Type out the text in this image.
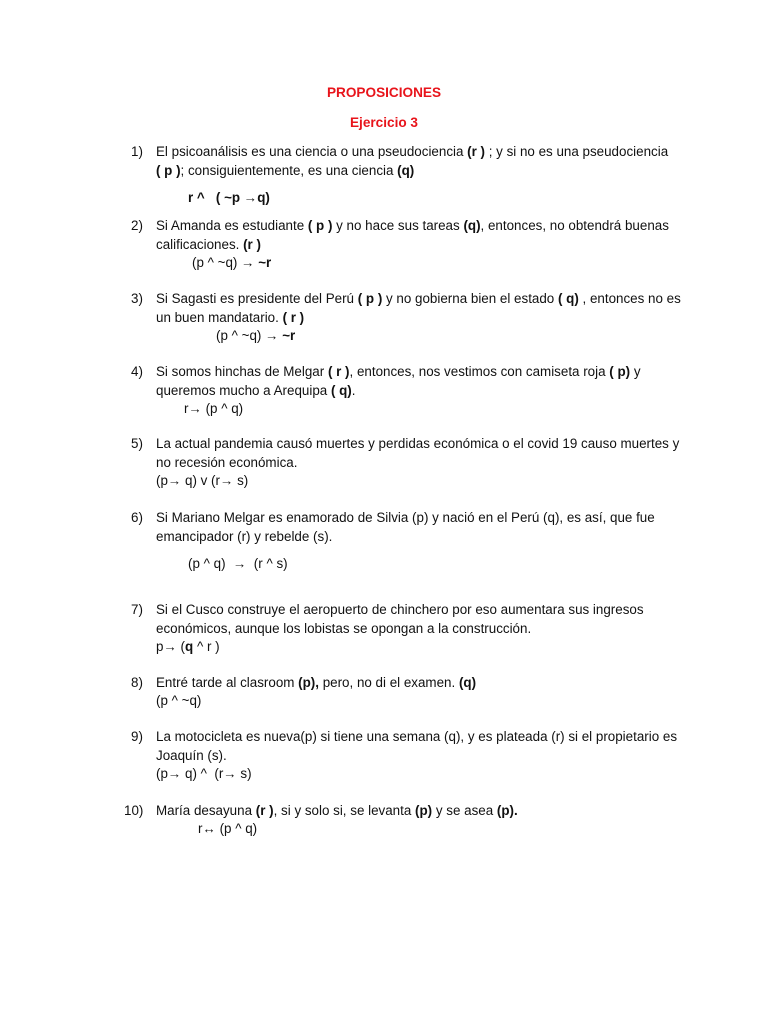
PROPOSICIONES
Ejercicio 3
1) El psicoanálisis es una ciencia o una pseudociencia (r ) ; y si no es una pseudociencia
( p ); consiguientemente, es una ciencia (q)
r ^   ( ~p →q)
2) Si Amanda es estudiante ( p ) y no hace sus tareas (q), entonces, no obtendrá buenas calificaciones. (r )
(p ^ ~q) → ~r
3) Si Sagasti es presidente del Perú ( p ) y no gobierna bien el estado ( q) , entonces no es un buen mandatario. ( r )
(p ^ ~q) → ~r
4) Si somos hinchas de Melgar ( r ), entonces, nos vestimos con camiseta roja ( p) y queremos mucho a Arequipa ( q).
r→ (p ^ q)
5) La actual pandemia causó muertes y perdidas económica o el covid 19 causo muertes y no recesión económica.
(p→ q) v (r→ s)
6) Si Mariano Melgar es enamorado de Silvia (p) y nació en el Perú (q), es así, que fue emancipador (r) y rebelde (s).
(p ^ q)  →  (r ^ s)
7) Si el Cusco construye el aeropuerto de chinchero por eso aumentara sus ingresos económicos, aunque los lobistas se opongan a la construcción.
p→ (q ^ r )
8) Entré tarde al clasroom (p), pero, no di el examen. (q)
(p ^ ~q)
9) La motocicleta es nueva(p) si tiene una semana (q), y es plateada (r) si el propietario es Joaquín (s).
(p→ q) ^  (r→ s)
10) María desayuna (r ), si y solo si, se levanta (p) y se asea (p).
r↔ (p ^ q)
